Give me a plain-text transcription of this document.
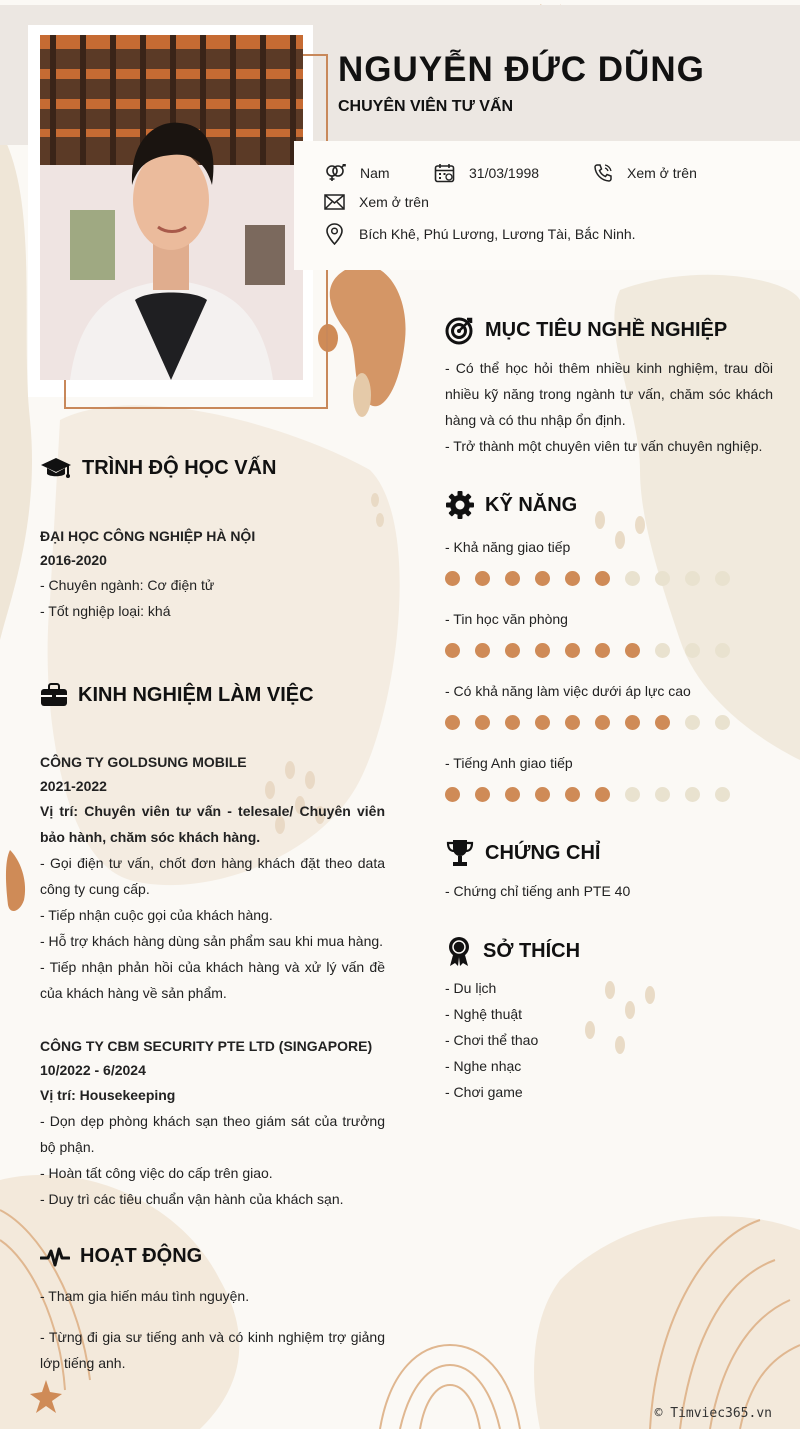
NGUYỄN ĐỨC DŨNG
CHUYÊN VIÊN TƯ VẤN
Nam	31/03/1998	Xem ở trên
Xem ở trên
Bích Khê, Phú Lương, Lương Tài, Bắc Ninh.
TRÌNH ĐỘ HỌC VẤN
ĐẠI HỌC CÔNG NGHIỆP HÀ NỘI
2016-2020
- Chuyên ngành: Cơ điện tử
- Tốt nghiệp loại: khá
KINH NGHIỆM LÀM VIỆC
CÔNG TY GOLDSUNG MOBILE
2021-2022
Vị trí: Chuyên viên tư vấn - telesale/ Chuyên viên bảo hành, chăm sóc khách hàng.
- Gọi điện tư vấn, chốt đơn hàng khách đặt theo data công ty cung cấp.
- Tiếp nhận cuộc gọi của khách hàng.
- Hỗ trợ khách hàng dùng sản phẩm sau khi mua hàng.
- Tiếp nhận phản hồi của khách hàng và xử lý vấn đề của khách hàng về sản phẩm.
CÔNG TY CBM SECURITY PTE LTD (SINGAPORE)
10/2022 - 6/2024
Vị trí: Housekeeping
- Dọn dẹp phòng khách sạn theo giám sát của trưởng bộ phận.
- Hoàn tất công việc do cấp trên giao.
- Duy trì các tiêu chuẩn vận hành của khách sạn.
HOẠT ĐỘNG
- Tham gia hiến máu tình nguyện.
- Từng đi gia sư tiếng anh và có kinh nghiệm trợ giảng lớp tiếng anh.
MỤC TIÊU NGHỀ NGHIỆP
- Có thể học hỏi thêm nhiều kinh nghiệm, trau dồi nhiều kỹ năng trong ngành tư vấn, chăm sóc khách hàng và có thu nhập ổn định.
- Trở thành một chuyên viên tư vấn chuyên nghiệp.
KỸ NĂNG
- Khả năng giao tiếp
- Tin học văn phòng
- Có khả năng làm việc dưới áp lực cao
- Tiếng Anh giao tiếp
CHỨNG CHỈ
- Chứng chỉ tiếng anh PTE 40
SỞ THÍCH
- Du lịch
- Nghệ thuật
- Chơi thể thao
- Nghe nhạc
- Chơi game
© Timviec365.vn
